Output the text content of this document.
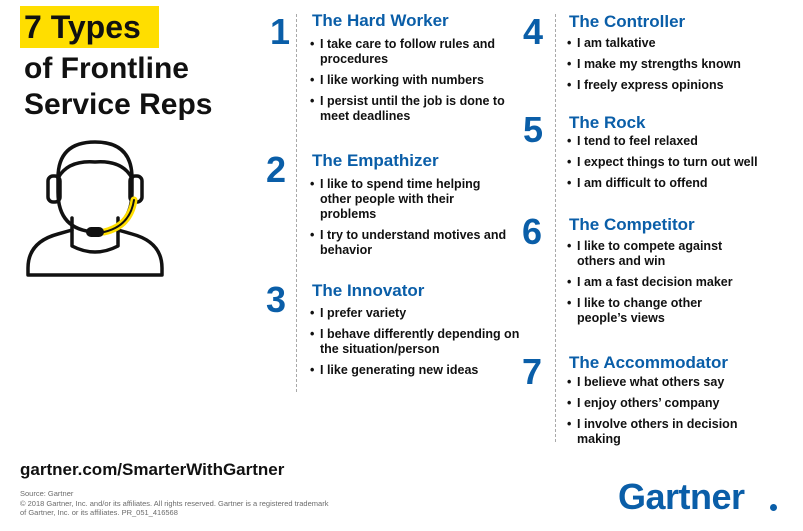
7 Types
of Frontline
Service Reps
1 The Hard Worker
• I take care to follow rules and procedures
• I like working with numbers
• I persist until the job is done to meet deadlines
2 The Empathizer
• I like to spend time helping other people with their problems
• I try to understand motives and behavior
3 The Innovator
• I prefer variety
• I behave differently depending on the situation/person
• I like generating new ideas
4 The Controller
• I am talkative
• I make my strengths known
• I freely express opinions
5 The Rock
• I tend to feel relaxed
• I expect things to turn out well
• I am difficult to offend
6 The Competitor
• I like to compete against others and win
• I am a fast decision maker
• I like to change other people’s views
7 The Accommodator
• I believe what others say
• I enjoy others’ company
• I involve others in decision making
gartner.com/SmarterWithGartner
Source: Gartner
© 2018 Gartner, Inc. and/or its affiliates. All rights reserved. Gartner is a registered trademark
of Gartner, Inc. or its affiliates. PR_051_416568	Gartner
